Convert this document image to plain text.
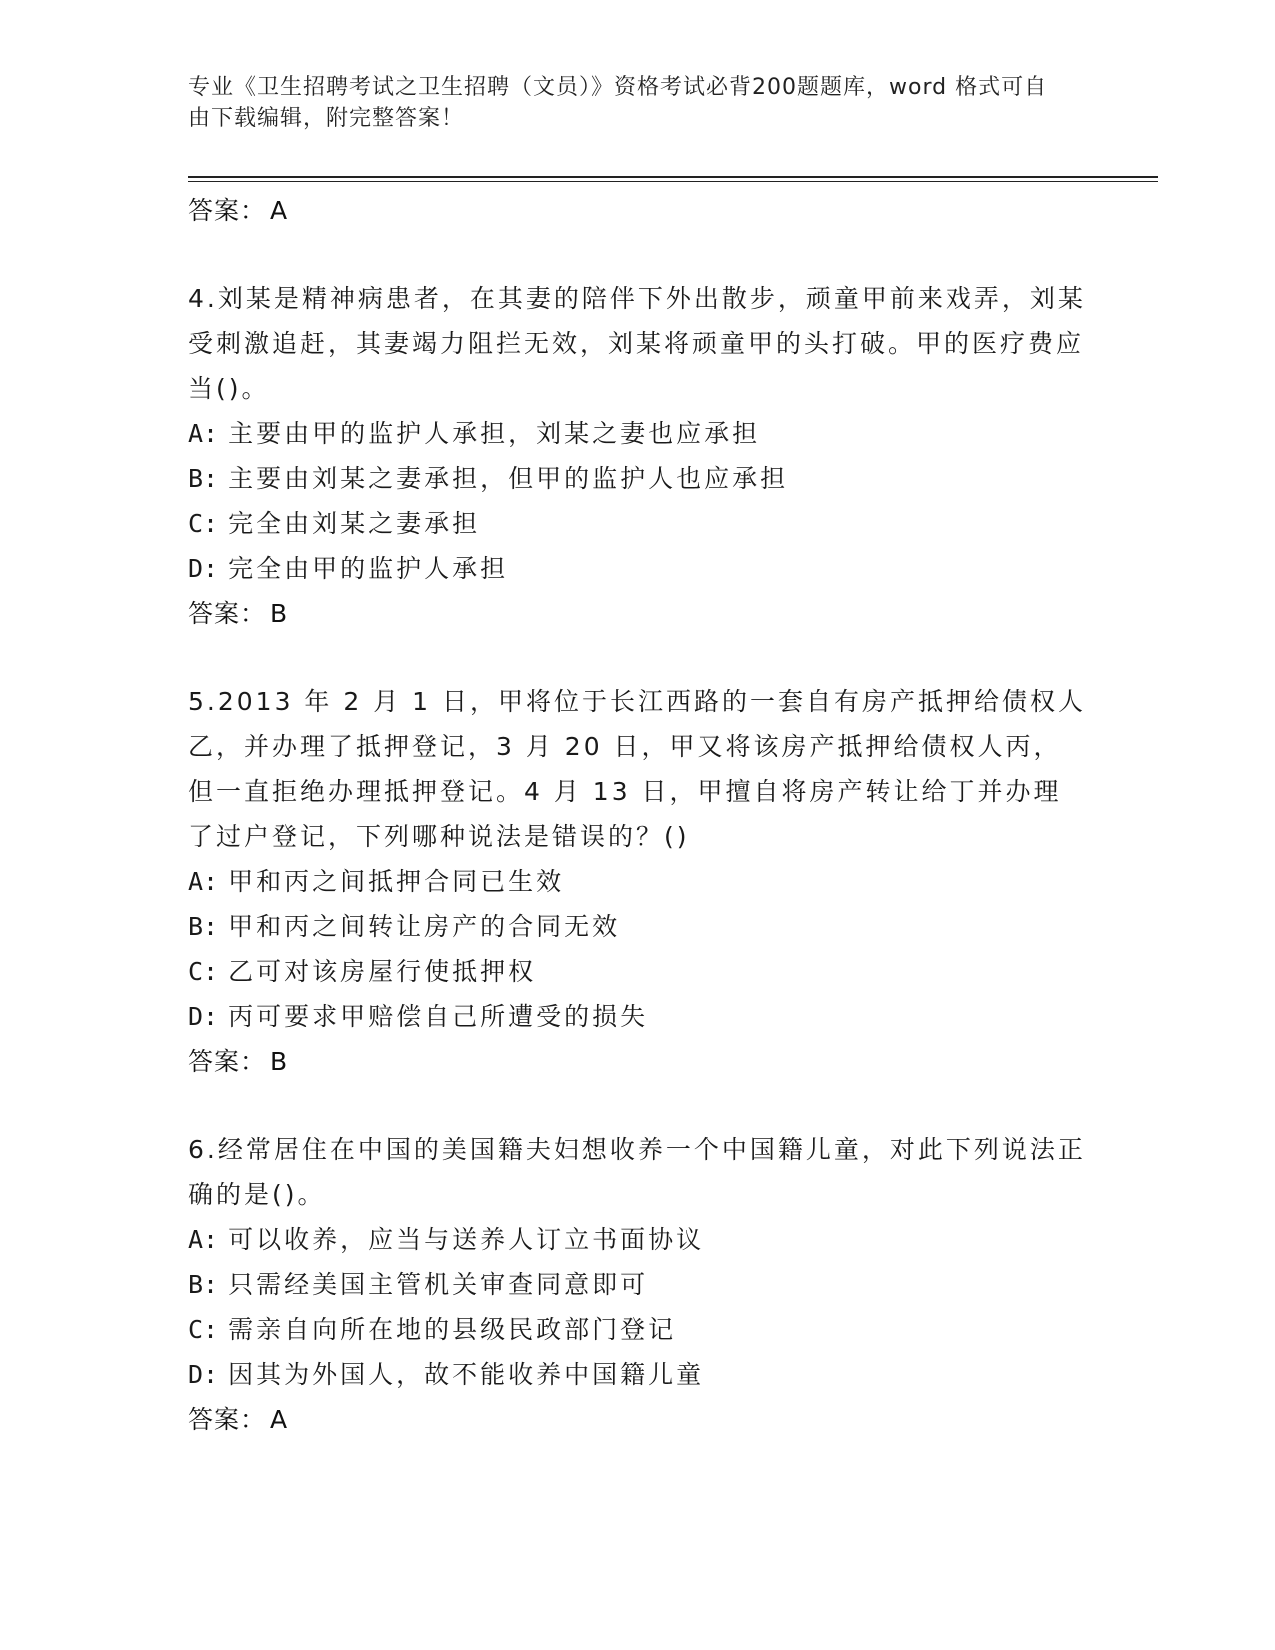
专业《卫生招聘考试之卫生招聘（文员）》资格考试必背200题题库，word 格式可自由下载编辑，附完整答案！
答案： A
4.刘某是精神病患者，在其妻的陪伴下外出散步，顽童甲前来戏弄，刘某受刺激追赶，其妻竭力阻拦无效，刘某将顽童甲的头打破。甲的医疗费应当()。
A: 主要由甲的监护人承担，刘某之妻也应承担
B: 主要由刘某之妻承担，但甲的监护人也应承担
C: 完全由刘某之妻承担
D: 完全由甲的监护人承担
答案： B
5.2013 年 2 月 1 日，甲将位于长江西路的一套自有房产抵押给债权人乙，并办理了抵押登记，3 月 20 日，甲又将该房产抵押给债权人丙，但一直拒绝办理抵押登记。4 月 13 日，甲擅自将房产转让给丁并办理了过户登记，下列哪种说法是错误的？()
A: 甲和丙之间抵押合同已生效
B: 甲和丙之间转让房产的合同无效
C: 乙可对该房屋行使抵押权
D: 丙可要求甲赔偿自己所遭受的损失
答案： B
6.经常居住在中国的美国籍夫妇想收养一个中国籍儿童，对此下列说法正确的是()。
A: 可以收养，应当与送养人订立书面协议
B: 只需经美国主管机关审查同意即可
C: 需亲自向所在地的县级民政部门登记
D: 因其为外国人，故不能收养中国籍儿童
答案： A
